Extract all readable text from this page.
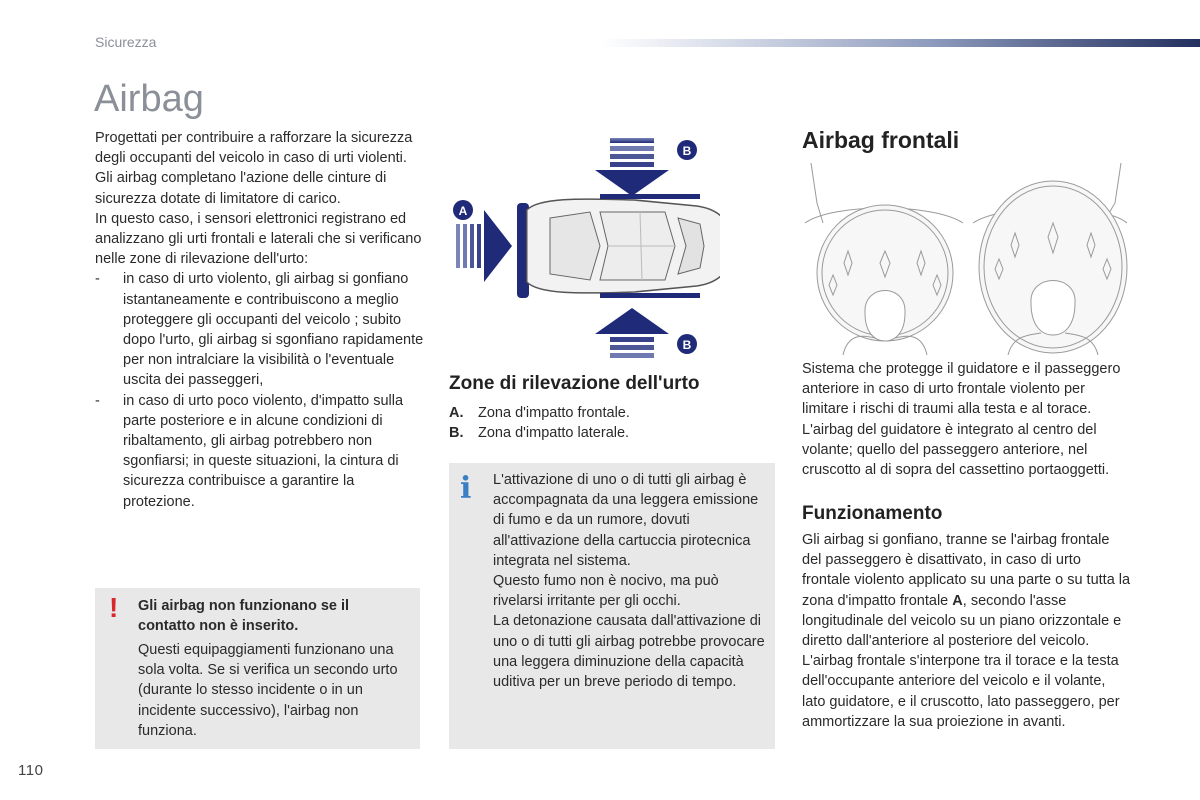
Sicurezza
Airbag

Progettati per contribuire a rafforzare la sicurezza degli occupanti del veicolo in caso di urti violenti. Gli airbag completano l'azione delle cinture di sicurezza dotate di limitatore di carico.

In questo caso, i sensori elettronici registrano ed analizzano gli urti frontali e laterali che si verificano nelle zone di rilevazione dell'urto:

- in caso di urto violento, gli airbag si gonfiano istantaneamente e contribuiscono a meglio proteggere gli occupanti del veicolo ; subito dopo l'urto, gli airbag si sgonfiano rapidamente per non intralciare la visibilità o l'eventuale uscita dei passeggeri,
- in caso di urto poco violento, d'impatto sulla parte posteriore e in alcune condizioni di ribaltamento, gli airbag potrebbero non sgonfiarsi; in queste situazioni, la cintura di sicurezza contribuisce a garantire la protezione.
! Gli airbag non funzionano se il contatto non è inserito.
Questi equipaggiamenti funzionano una sola volta. Se si verifica un secondo urto (durante lo stesso incidente o in un incidente successivo), l'airbag non funziona.
B
A
B
Zone di rilevazione dell'urto
A. Zona d'impatto frontale.
B. Zona d'impatto laterale.
i L'attivazione di uno o di tutti gli airbag è accompagnata da una leggera emissione di fumo e da un rumore, dovuti all'attivazione della cartuccia pirotecnica integrata nel sistema.
Questo fumo non è nocivo, ma può rivelarsi irritante per gli occhi.
La detonazione causata dall'attivazione di uno o di tutti gli airbag potrebbe provocare una leggera diminuzione della capacità uditiva per un breve periodo di tempo.
Airbag frontali
Sistema che protegge il guidatore e il passeggero anteriore in caso di urto frontale violento per limitare i rischi di traumi alla testa e al torace.
L'airbag del guidatore è integrato al centro del volante; quello del passeggero anteriore, nel cruscotto al di sopra del cassettino portaoggetti.
Funzionamento

Gli airbag si gonfiano, tranne se l'airbag frontale del passeggero è disattivato, in caso di urto frontale violento applicato su una parte o su tutta la zona d'impatto frontale A, secondo l'asse longitudinale del veicolo su un piano orizzontale e diretto dall'anteriore al posteriore del veicolo.

L'airbag frontale s'interpone tra il torace e la testa dell'occupante anteriore del veicolo e il volante, lato guidatore, e il cruscotto, lato passeggero, per ammortizzare la sua proiezione in avanti.

110
